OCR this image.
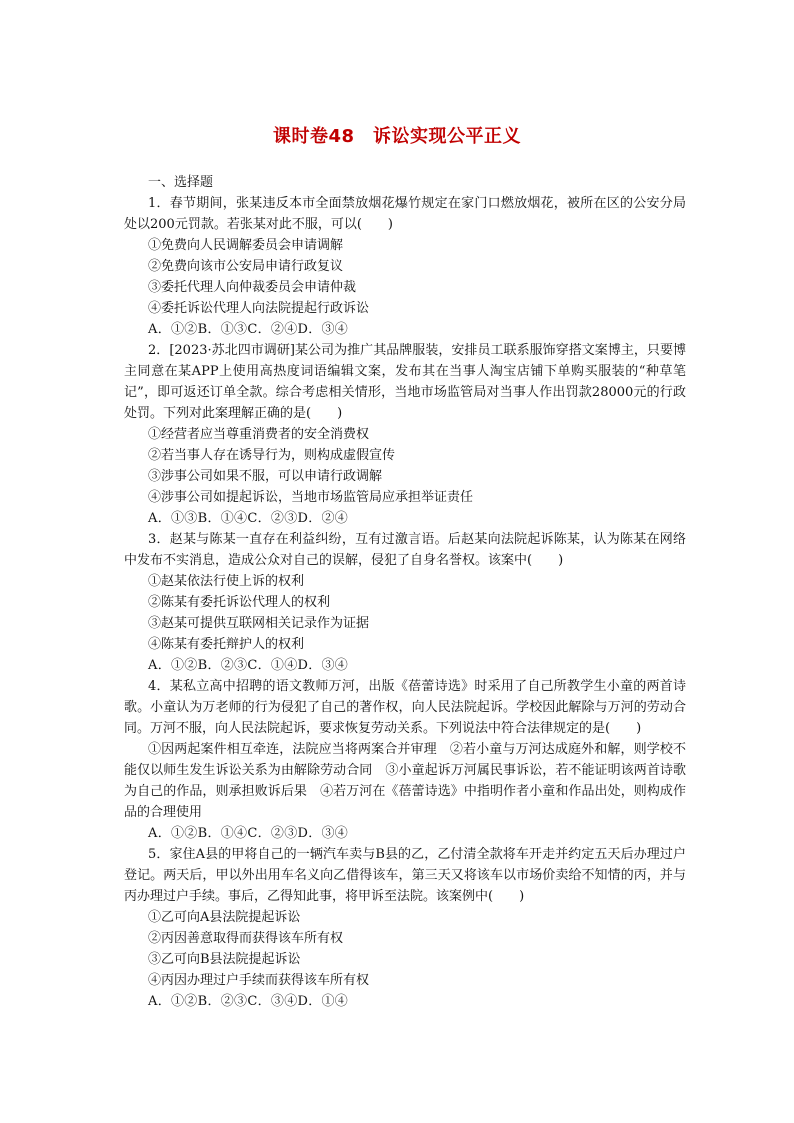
课时卷48　诉讼实现公平正义

一、选择题

1．春节期间，张某违反本市全面禁放烟花爆竹规定在家门口燃放烟花，被所在区的公安分局处以200元罚款。若张某对此不服，可以(　　)

①免费向人民调解委员会申请调解

②免费向该市公安局申请行政复议

③委托代理人向仲裁委员会申请仲裁

④委托诉讼代理人向法院提起行政诉讼

A．①②B．①③C．②④D．③④

2．[2023·苏北四市调研]某公司为推广其品牌服装，安排员工联系服饰穿搭文案博主，只要博主同意在某APP上使用高热度词语编辑文案，发布其在当事人淘宝店铺下单购买服装的“种草笔记”，即可返还订单全款。综合考虑相关情形，当地市场监管局对当事人作出罚款28000元的行政处罚。下列对此案理解正确的是(　　)

①经营者应当尊重消费者的安全消费权

②若当事人存在诱导行为，则构成虚假宣传

③涉事公司如果不服，可以申请行政调解

④涉事公司如提起诉讼，当地市场监管局应承担举证责任

A．①③B．①④C．②③D．②④

3．赵某与陈某一直存在利益纠纷，互有过激言语。后赵某向法院起诉陈某，认为陈某在网络中发布不实消息，造成公众对自己的误解，侵犯了自身名誉权。该案中(　　)

①赵某依法行使上诉的权利

②陈某有委托诉讼代理人的权利

③赵某可提供互联网相关记录作为证据

④陈某有委托辩护人的权利

A．①②B．②③C．①④D．③④

4．某私立高中招聘的语文教师万河，出版《蓓蕾诗选》时采用了自己所教学生小童的两首诗歌。小童认为万老师的行为侵犯了自己的著作权，向人民法院起诉。学校因此解除与万河的劳动合同。万河不服，向人民法院起诉，要求恢复劳动关系。下列说法中符合法律规定的是(　　)

①因两起案件相互牵连，法院应当将两案合并审理　②若小童与万河达成庭外和解，则学校不能仅以师生发生诉讼关系为由解除劳动合同　③小童起诉万河属民事诉讼，若不能证明该两首诗歌为自己的作品，则承担败诉后果　④若万河在《蓓蕾诗选》中指明作者小童和作品出处，则构成作品的合理使用

A．①②B．①④C．②③D．③④

5．家住A县的甲将自己的一辆汽车卖与B县的乙，乙付清全款将车开走并约定五天后办理过户登记。两天后，甲以外出用车名义向乙借得该车，第三天又将该车以市场价卖给不知情的丙，并与丙办理过户手续。事后，乙得知此事，将甲诉至法院。该案例中(　　)

①乙可向A县法院提起诉讼

②丙因善意取得而获得该车所有权

③乙可向B县法院提起诉讼

④丙因办理过户手续而获得该车所有权

A．①②B．②③C．③④D．①④
